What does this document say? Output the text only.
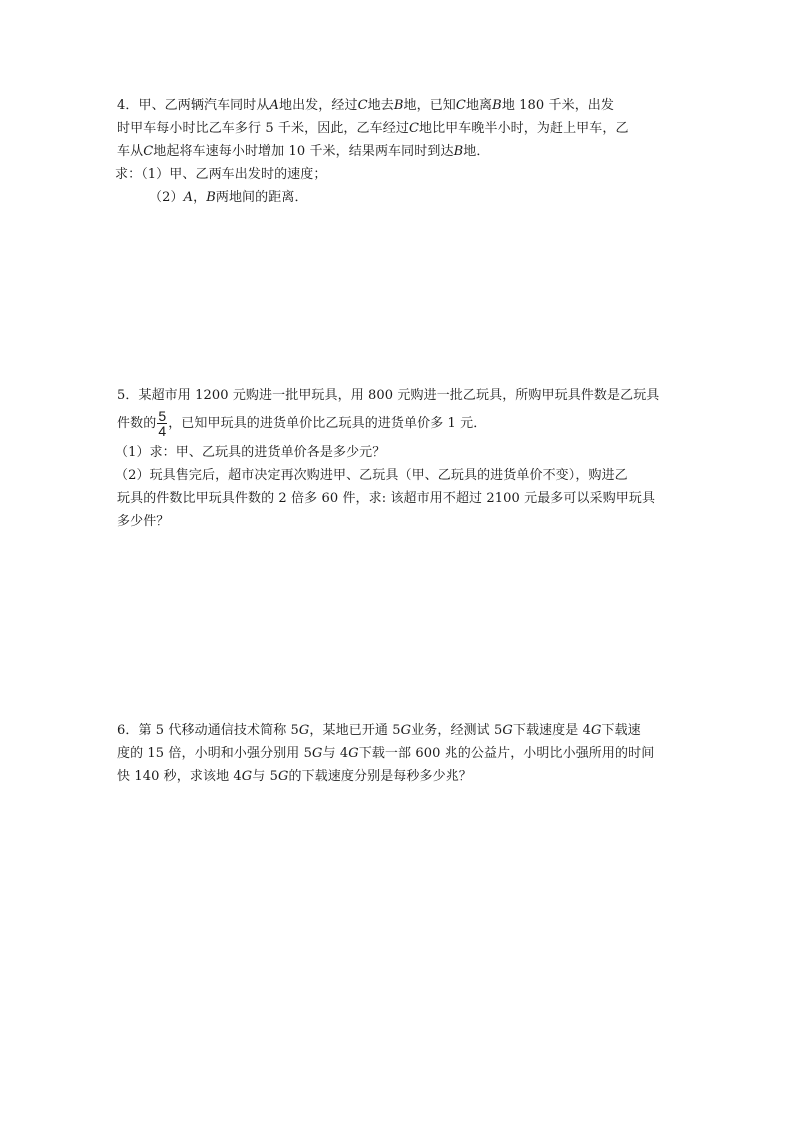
4．甲、乙两辆汽车同时从A地出发，经过C地去B地，已知C地离B地 180 千米，出发
时甲车每小时比乙车多行 5 千米，因此，乙车经过C地比甲车晚半小时，为赶上甲车，乙
车从C地起将车速每小时增加 10 千米，结果两车同时到达B地．
求：（1）甲、乙两车出发时的速度；
（2）A，B两地间的距离．
5．某超市用 1200 元购进一批甲玩具，用 800 元购进一批乙玩具，所购甲玩具件数是乙玩具
件数的 $\frac{5}{4}$ ，已知甲玩具的进货单价比乙玩具的进货单价多 1 元．
（1）求：甲、乙玩具的进货单价各是多少元？
（2）玩具售完后，超市决定再次购进甲、乙玩具（甲、乙玩具的进货单价不变），购进乙
玩具的件数比甲玩具件数的 2 倍多 60 件，求: 该超市用不超过 2100 元最多可以采购甲玩具
多少件？
6．第 5 代移动通信技术简称 5G，某地已开通 5G业务，经测试 5G下载速度是 4G下载速
度的 15 倍，小明和小强分别用 5G与 4G下载一部 600 兆的公益片，小明比小强所用的时间
快 140 秒，求该地 4G与 5G的下载速度分别是每秒多少兆？
